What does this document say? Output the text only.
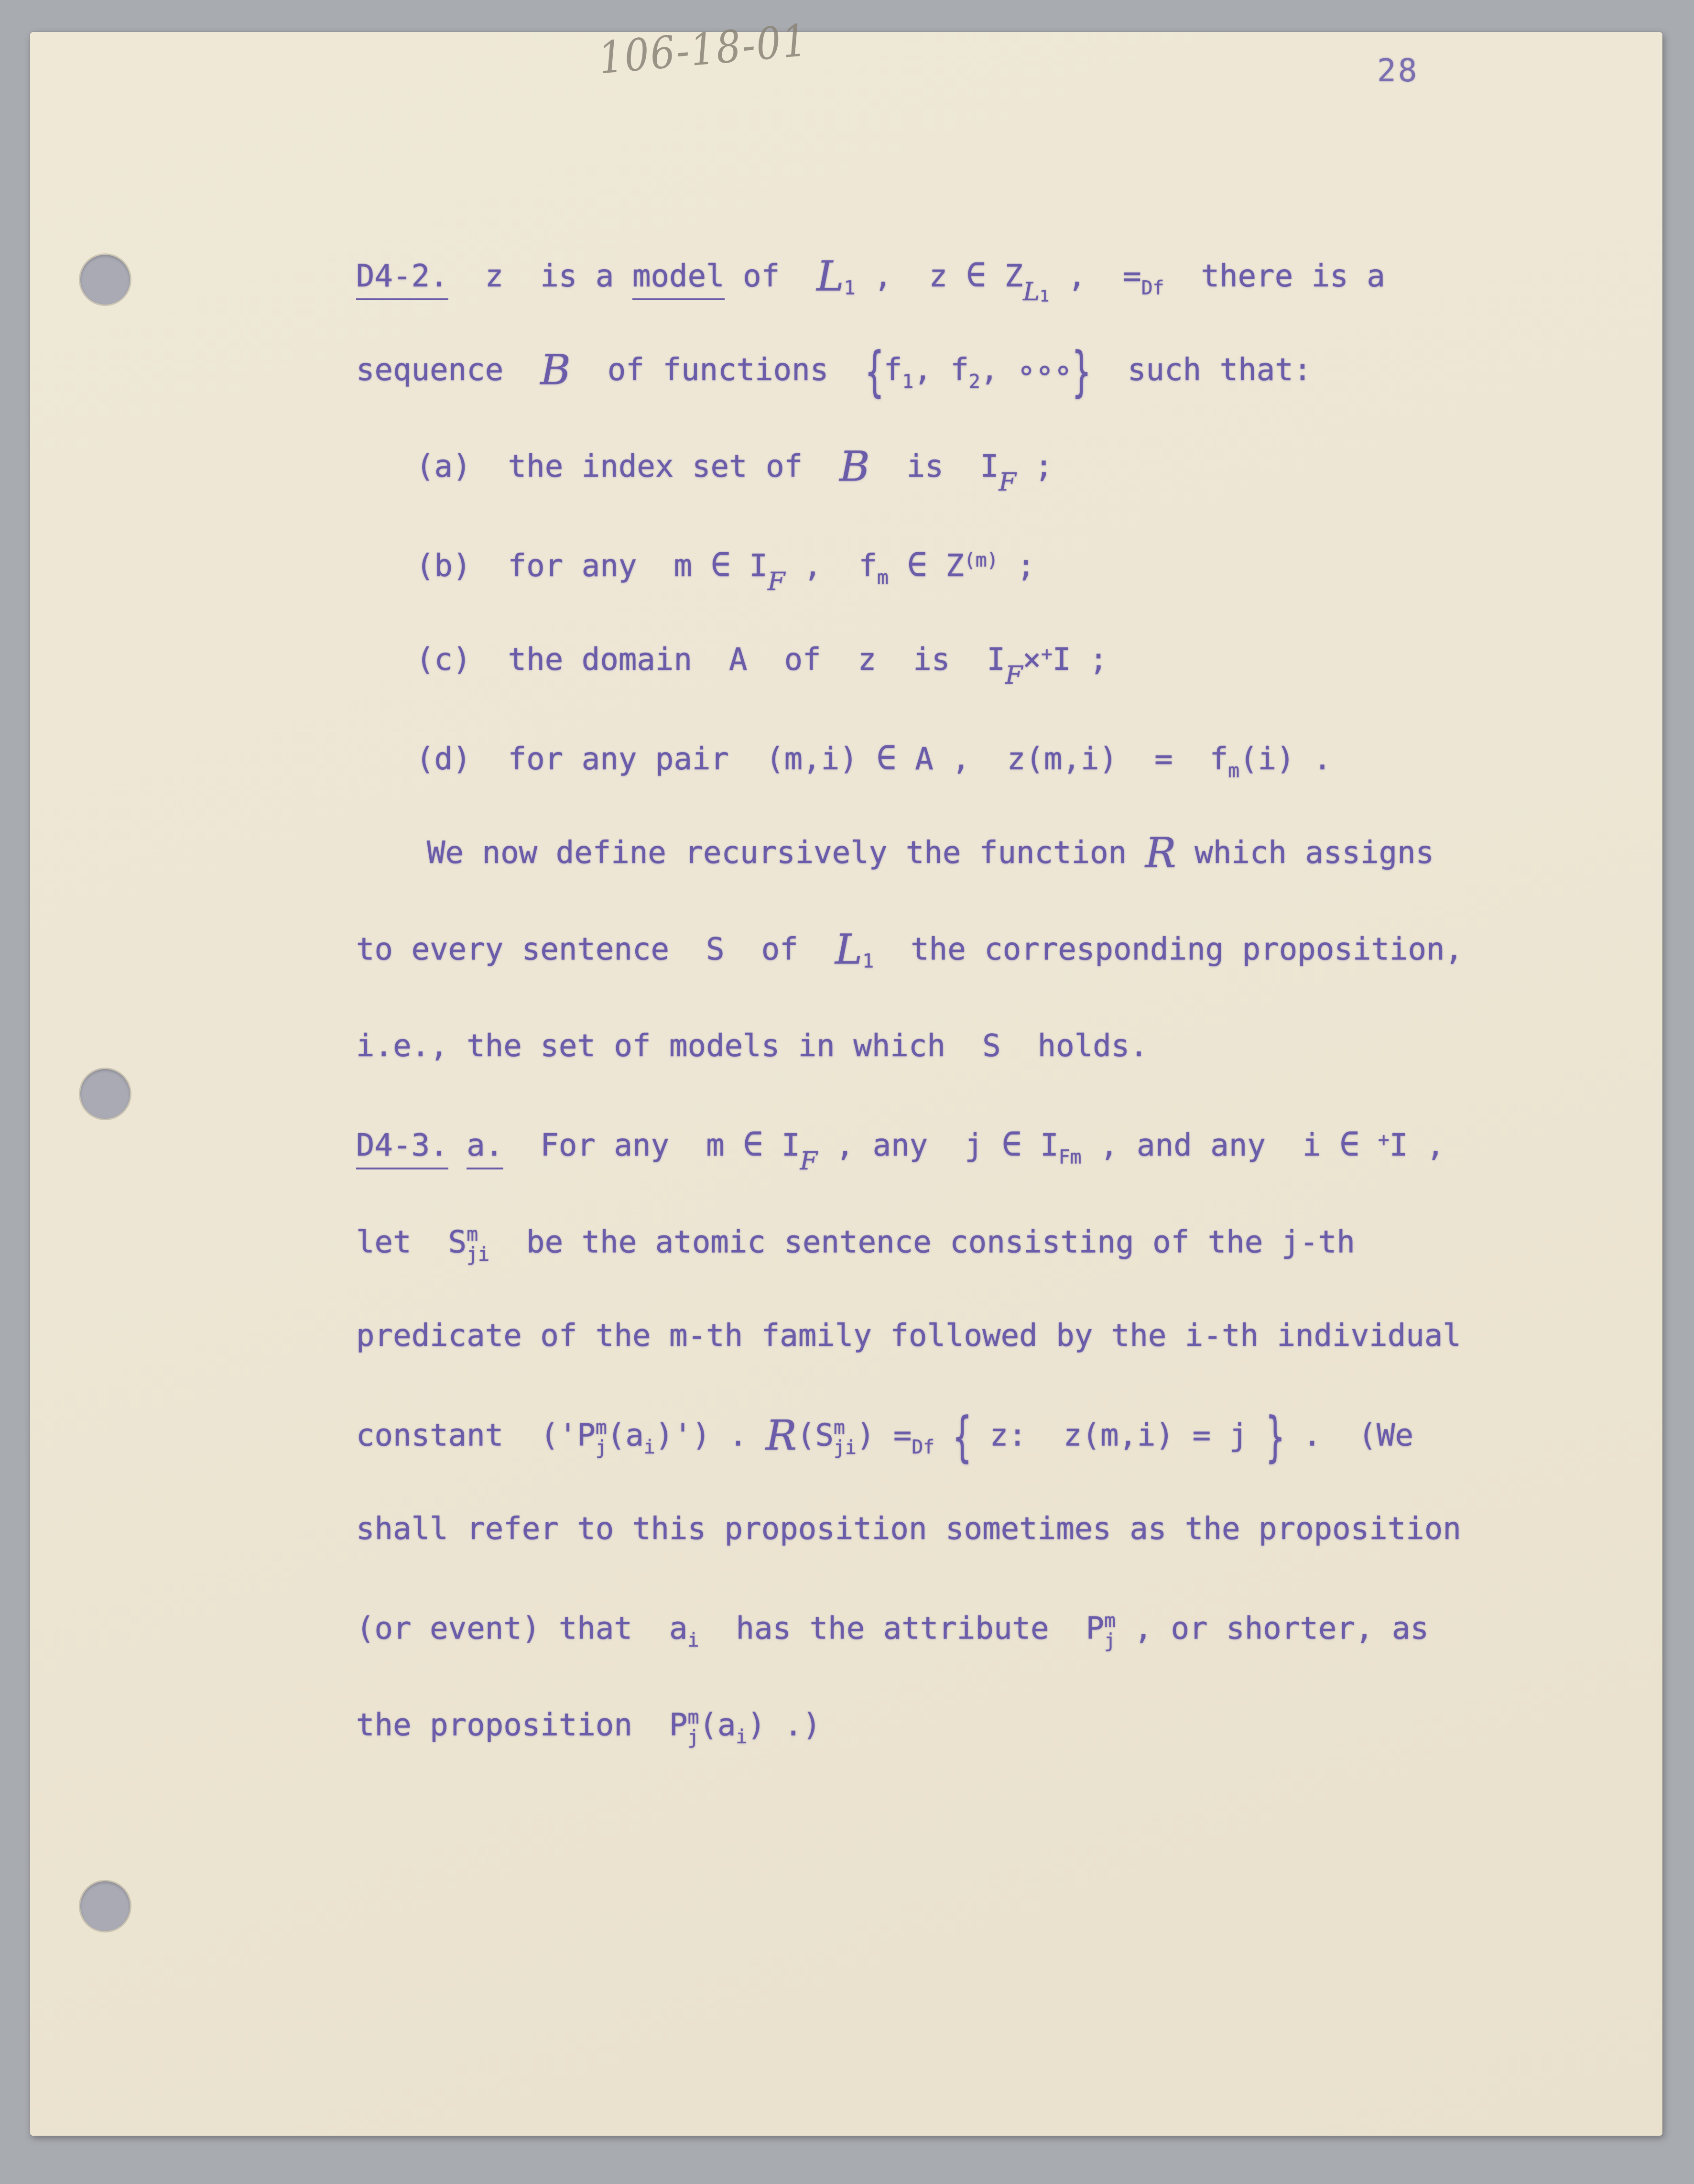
106-18-01	28
D4-2.  z  is a model of  $L_1$ ,  z ∈ $Z_{L1}$ ,  $=_{Df}$  there is a
sequence  B  of functions  {$f_1$, $f_2$, ∘∘∘}  such that:
(a)  the index set of  B  is  $I_F$ ;
(b)  for any  m ∈ $I_F$ ,  $f_m$ ∈ $Z^{(m)}$ ;
(c)  the domain  A  of  z  is  $I_F\times^+I$ ;
(d)  for any pair  (m,i) ∈ A ,  $z(m,i) = f_m(i)$ .
We now define recursively the function R which assigns
to every sentence  S  of  $L_1$  the corresponding proposition,
i.e., the set of models in which  S  holds.
D4-3. a.  For any  m ∈ $I_F$ , any  j ∈ $I_{Fm}$ , and any  i ∈ +I ,
let  S m
ji be the atomic sentence consisting of the j-th
predicate of the m-th family followed by the i-th individual
constant  ('P m
j $(a_i)'$) . R(S m
ji ) $=_{Df}$ { z:  z(m,i) = j } .  (We
shall refer to this proposition sometimes as the proposition
(or event) that  $a_i$  has the attribute  P m
j , or shorter, as
the proposition  P m
j $(a_i)$ .)
